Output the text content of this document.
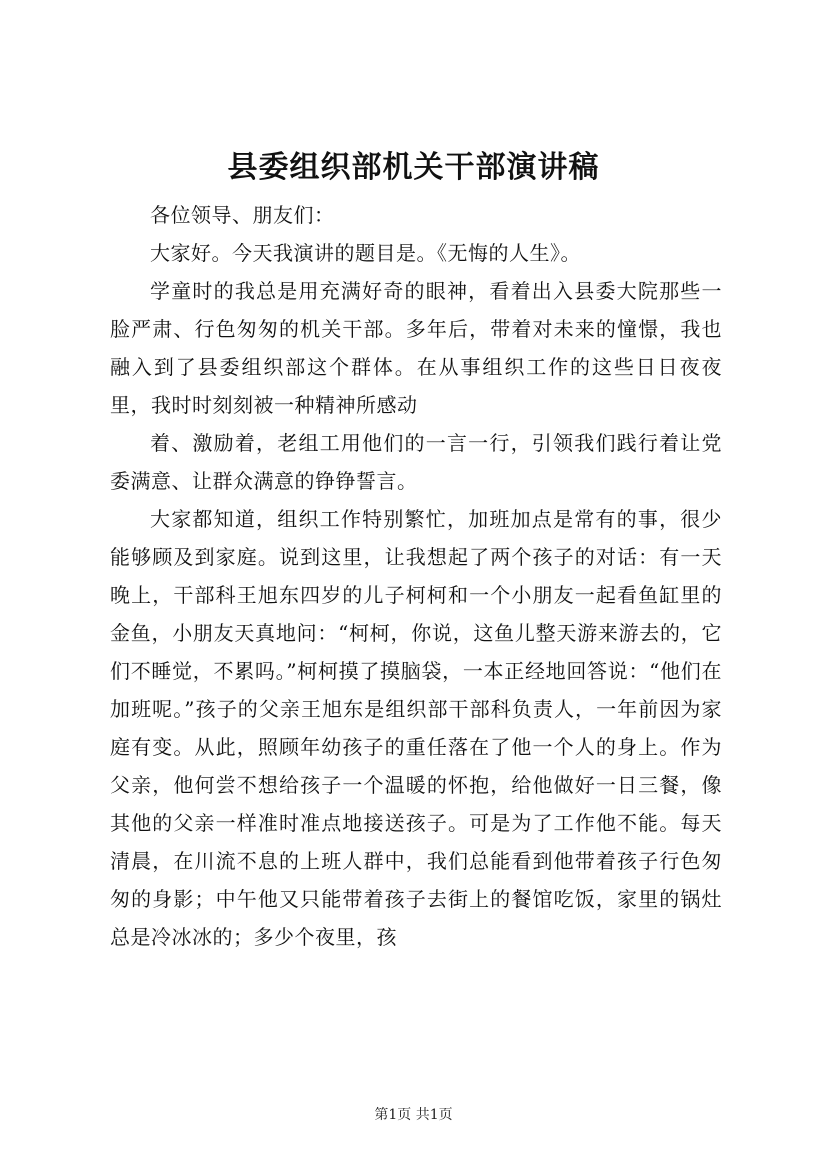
县委组织部机关干部演讲稿

各位领导、朋友们：

大家好。今天我演讲的题目是。《无悔的人生》。

学童时的我总是用充满好奇的眼神，看着出入县委大院那些一脸严肃、行色匆匆的机关干部。多年后，带着对未来的憧憬，我也融入到了县委组织部这个群体。在从事组织工作的这些日日夜夜里，我时时刻刻被一种精神所感动

着、激励着，老组工用他们的一言一行，引领我们践行着让党委满意、让群众满意的铮铮誓言。

大家都知道，组织工作特别繁忙，加班加点是常有的事，很少能够顾及到家庭。说到这里，让我想起了两个孩子的对话：有一天晚上，干部科王旭东四岁的儿子柯柯和一个小朋友一起看鱼缸里的金鱼，小朋友天真地问：“柯柯，你说，这鱼儿整天游来游去的，它们不睡觉，不累吗。”柯柯摸了摸脑袋，一本正经地回答说：“他们在加班呢。”孩子的父亲王旭东是组织部干部科负责人，一年前因为家庭有变。从此，照顾年幼孩子的重任落在了他一个人的身上。作为父亲，他何尝不想给孩子一个温暖的怀抱，给他做好一日三餐，像其他的父亲一样准时准点地接送孩子。可是为了工作他不能。每天清晨，在川流不息的上班人群中，我们总能看到他带着孩子行色匆匆的身影；中午他又只能带着孩子去街上的餐馆吃饭，家里的锅灶总是冷冰冰的；多少个夜里，孩

第1页 共1页
